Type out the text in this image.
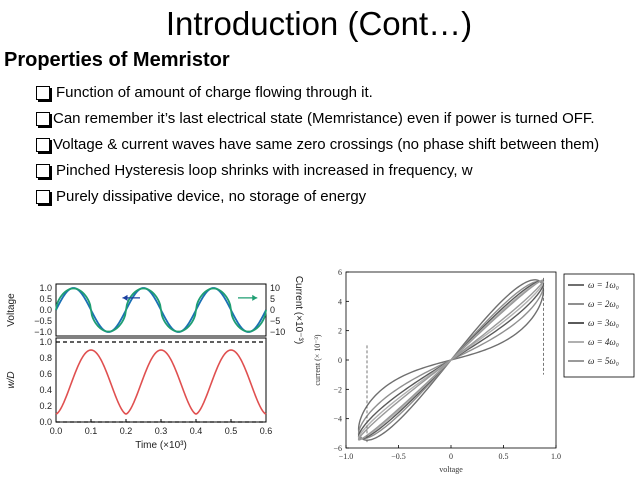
Introduction (Cont…)
Properties of Memristor
Function of amount of charge flowing through it.
Can remember it’s last electrical state (Memristance) even if power is turned OFF.
Voltage & current waves have same zero crossings (no phase shift between them)
Pinched Hysteresis loop shrinks with increased in frequency, w
Purely dissipative device, no storage of energy
1.0
0.5
0.0
−0.5
−1.0
10
5
0
−5
−10
Voltage	Current (×10⁻³)
1.0
0.8
0.6
0.4
0.2
0.0
0.0 0.1 0.2 0.3 0.4 0.5 0.6
w/D
Time (×10³)
−1.0	−0.5	0	0.5	1.0
6
4
2
0
−2
−4
−6
current (× 10⁻³)
voltage
ω = 1ω₀
ω = 2ω₀
ω = 3ω₀
ω = 4ω₀
ω = 5ω₀
